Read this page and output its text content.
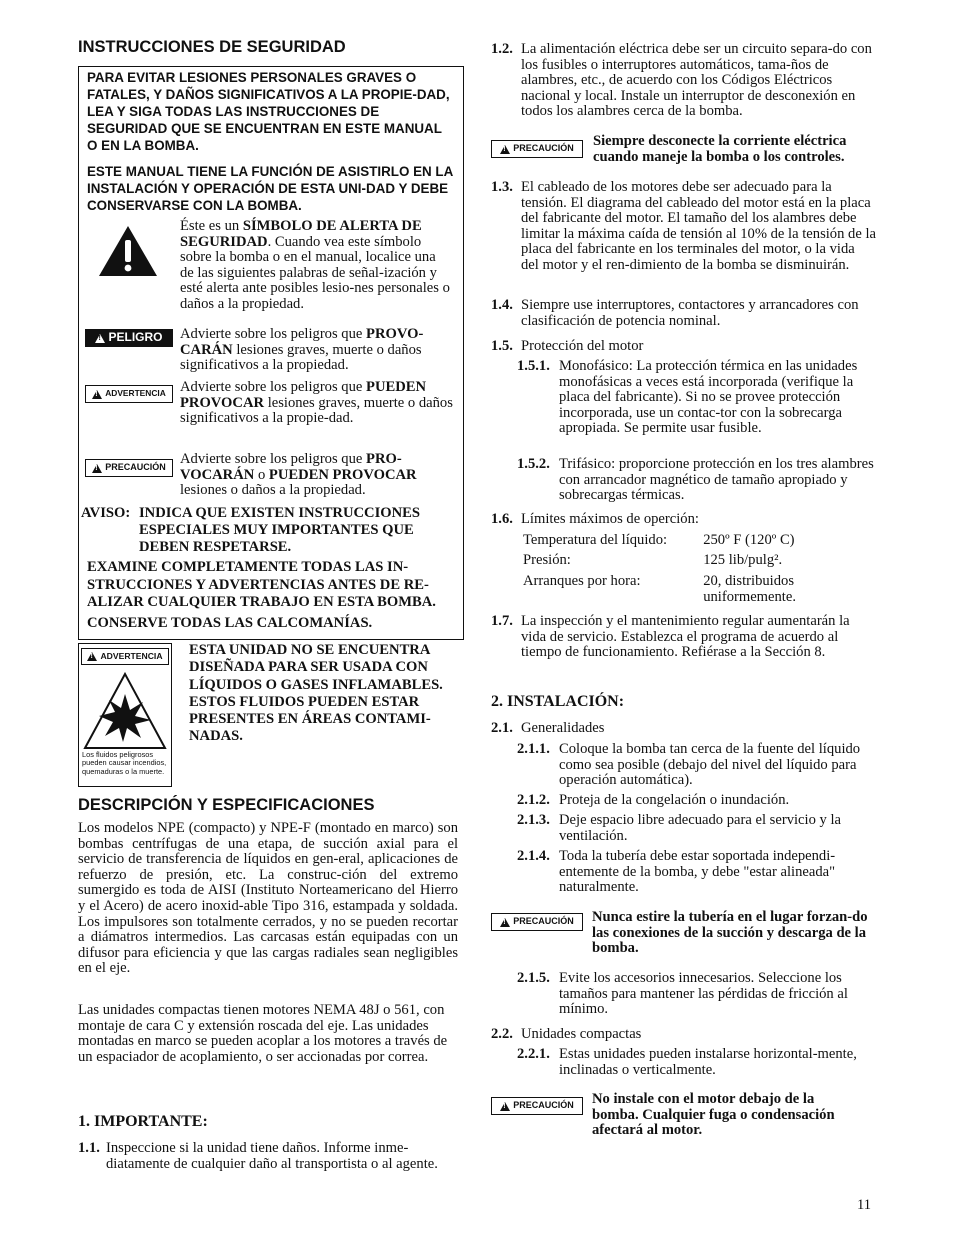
INSTRUCCIONES DE SEGURIDAD

PARA EVITAR LESIONES PERSONALES GRAVES O FATALES, Y DAÑOS SIGNIFICATIVOS A LA PROPIE-DAD, LEA Y SIGA TODAS LAS INSTRUCCIONES DE SEGURIDAD QUE SE ENCUENTRAN EN ESTE MANUAL O EN LA BOMBA.

ESTE MANUAL TIENE LA FUNCIÓN DE ASISTIRLO EN LA INSTALACIÓN Y OPERACIÓN DE ESTA UNI-DAD Y DEBE CONSERVARSE CON LA BOMBA.

Éste es un SÍMBOLO DE ALERTA DE SEGURIDAD. Cuando vea este símbolo sobre la bomba o en el manual, localice una de las siguientes palabras de señal-ización y esté alerta ante posibles lesio-nes personales o daños a la propiedad.

!
PELIGRO Advierte sobre los peligros que PROVO-CARÁN lesiones graves, muerte o daños significativos a la propiedad.

!
ADVERTENCIA Advierte sobre los peligros que PUEDEN PROVOCAR lesiones graves, muerte o daños significativos a la propie-dad.

!
PRECAUCIÓN

Advierte sobre los peligros que PRO-VOCARÁN o PUEDEN PROVOCAR lesiones o daños a la propiedad.

AVISO: INDICA QUE EXISTEN INSTRUCCIONES ESPECIALES MUY IMPORTANTES QUE DEBEN RESPETARSE.

EXAMINE COMPLETAMENTE TODAS LAS IN-STRUCCIONES Y ADVERTENCIAS ANTES DE RE-ALIZAR CUALQUIER TRABAJO EN ESTA BOMBA.

CONSERVE TODAS LAS CALCOMANÍAS.

!
ADVERTENCIA

Los fluidos peligrosos pueden causar incendios, quemaduras o la muerte.

ESTA UNIDAD NO SE ENCUENTRA DISEÑADA PARA SER USADA CON LÍQUIDOS O GASES INFLAMABLES. ESTOS FLUIDOS PUEDEN ESTAR PRESENTES EN ÁREAS CONTAMI-NADAS.

DESCRIPCIÓN Y ESPECIFICACIONES

Los modelos NPE (compacto) y NPE-F (montado en marco) son bombas centrífugas de una etapa, de succión axial para el servicio de transferencia de líquidos en gen-eral, aplicaciones de refuerzo de presión, etc. La construc-ción del extremo sumergido es toda de AISI (Instituto Norteamericano del Hierro y el Acero) de acero inoxid-able Tipo 316, estampada y soldada. Los impulsores son totalmente cerrados, y no se pueden recortar a diámatros intermedios. Las carcasas están equipadas con un difusor para eficiencia y que las cargas radiales sean negligibles en el eje.

Las unidades compactas tienen motores NEMA 48J o 561, con montaje de cara C y extensión roscada del eje. Las unidades montadas en marco se pueden acoplar a los motores a través de un espaciador de acoplamiento, o ser accionadas por correa.

1. IMPORTANTE:
1.1. Inspeccione si la unidad tiene daños. Informe inme-diatamente de cualquier daño al transportista o al agente.
1.2. La alimentación eléctrica debe ser un circuito separa-do con los fusibles o interruptores automáticos, tama-ños de alambres, etc., de acuerdo con los Códigos Eléctricos nacional y local. Instale un interruptor de desconexión en todos los alambres cerca de la bomba.
!
PRECAUCIÓN Siempre desconecte la corriente eléctrica cuando maneje la bomba o los controles.

1.3. El cableado de los motores debe ser adecuado para la tensión. El diagrama del cableado del motor está en la placa del fabricante del motor. El tamaño del los alambres debe limitar la máxima caída de tensión al 10% de la tensión de la placa del fabricante en los terminales del motor, o la vida del motor y el ren-dimiento de la bomba se disminuirán.
1.4. Siempre use interruptores, contactores y arrancadores con clasificación de potencia nominal.
1.5. Protección del motor
1.5.1. Monofásico: La protección térmica en las unidades monofásicas a veces está incorporada (verifique la placa del fabricante). Si no se provee protección incorporada, use un contac-tor con la sobrecarga apropiada. Se permite usar fusible.
1.5.2. Trifásico: proporcione protección en los tres alambres con arrancador magnético de tamaño apropiado y sobrecargas térmicas.
1.6. Límites máximos de operción:
Temperatura del líquido:	250º F (120º C)
Presión:	125 lib/pulg².
Arranques por hora:	20, distribuidos uniformemente.
1.7. La inspección y el mantenimiento regular aumentarán la vida de servicio. Establezca el programa de acuerdo al tiempo de funcionamiento. Refiérase a la Sección 8.
2. INSTALACIÓN:
2.1. Generalidades
2.1.1. Coloque la bomba tan cerca de la fuente del líquido como sea posible (debajo del nivel del líquido para operación automática).
2.1.2. Proteja de la congelación o inundación.
2.1.3. Deje espacio libre adecuado para el servicio y la ventilación.
2.1.4. Toda la tubería debe estar soportada independi-entemente de la bomba, y debe "estar alineada" naturalmente.
!
PRECAUCIÓN Nunca estire la tubería en el lugar forzan-do las conexiones de la succión y descarga de la bomba.

2.1.5. Evite los accesorios innecesarios. Seleccione los tamaños para mantener las pérdidas de fricción al mínimo.
2.2. Unidades compactas
2.2.1. Estas unidades pueden instalarse horizontal-mente, inclinadas o verticalmente.
!
PRECAUCIÓN No instale con el motor debajo de la bomba. Cualquier fuga o condensación afectará al motor.

11
